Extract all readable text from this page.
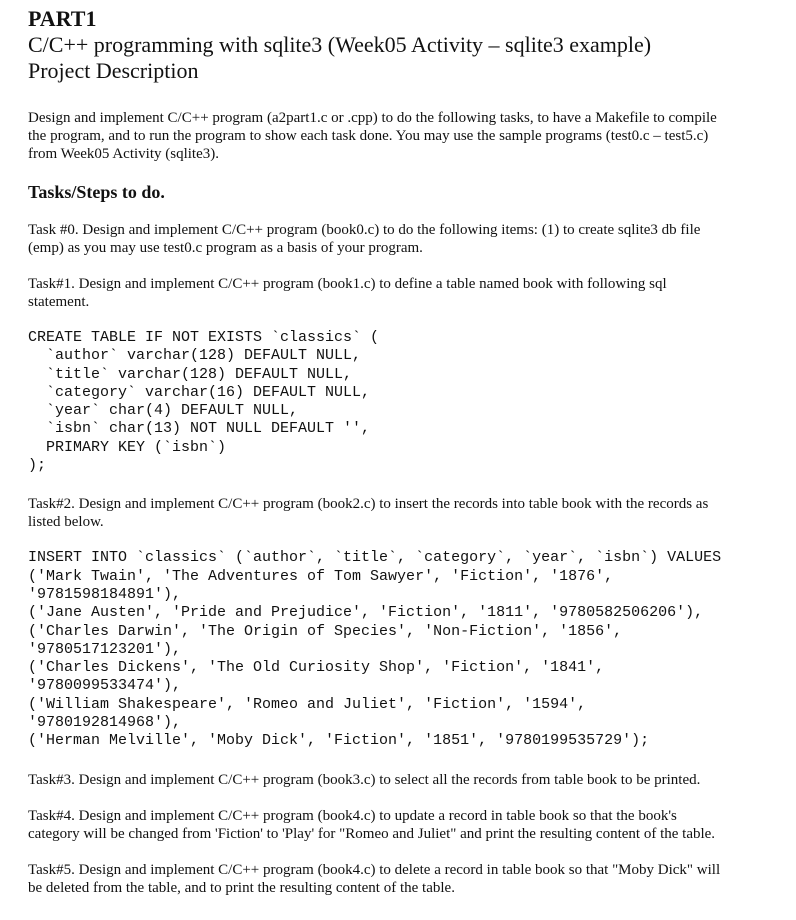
PART1
C/C++ programming with sqlite3 (Week05 Activity – sqlite3 example)
Project Description
Design and implement C/C++ program (a2part1.c or .cpp) to do the following tasks, to have a Makefile to compile
the program, and to run the program to show each task done. You may use the sample programs (test0.c – test5.c)
from Week05 Activity (sqlite3).
Tasks/Steps to do.
Task #0. Design and implement C/C++ program (book0.c) to do the following items: (1) to create sqlite3 db file
(emp) as you may use test0.c program as a basis of your program.
Task#1. Design and implement C/C++ program (book1.c) to define a table named book with following sql
statement.
CREATE TABLE IF NOT EXISTS `classics` (
`author` varchar(128) DEFAULT NULL,
`title` varchar(128) DEFAULT NULL,
`category` varchar(16) DEFAULT NULL,
`year` char(4) DEFAULT NULL,
`isbn` char(13) NOT NULL DEFAULT '',
PRIMARY KEY (`isbn`)
);
Task#2. Design and implement C/C++ program (book2.c) to insert the records into table book with the records as
listed below.
INSERT INTO `classics` (`author`, `title`, `category`, `year`, `isbn`) VALUES
('Mark Twain', 'The Adventures of Tom Sawyer', 'Fiction', '1876',
'9781598184891'),
('Jane Austen', 'Pride and Prejudice', 'Fiction', '1811', '9780582506206'),
('Charles Darwin', 'The Origin of Species', 'Non-Fiction', '1856',
'9780517123201'),
('Charles Dickens', 'The Old Curiosity Shop', 'Fiction', '1841',
'9780099533474'),
('William Shakespeare', 'Romeo and Juliet', 'Fiction', '1594',
'9780192814968'),
('Herman Melville', 'Moby Dick', 'Fiction', '1851', '9780199535729');
Task#3. Design and implement C/C++ program (book3.c) to select all the records from table book to be printed.
Task#4. Design and implement C/C++ program (book4.c) to update a record in table book so that the book's
category will be changed from 'Fiction' to 'Play' for "Romeo and Juliet" and print the resulting content of the table.
Task#5. Design and implement C/C++ program (book4.c) to delete a record in table book so that "Moby Dick" will
be deleted from the table, and to print the resulting content of the table.
